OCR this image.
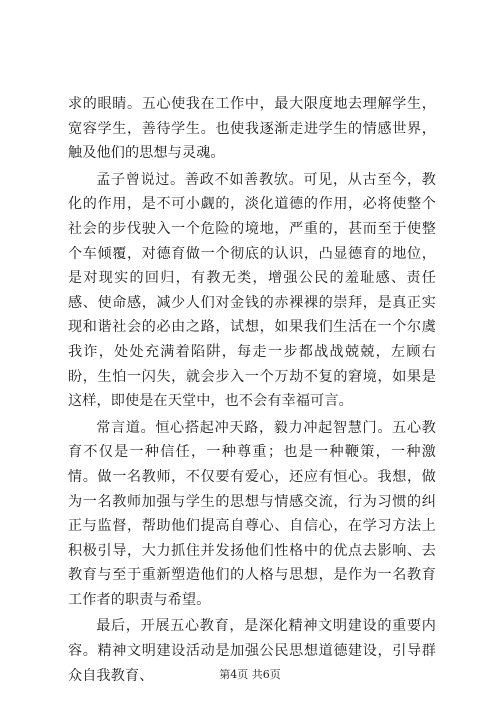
求的眼睛。五心使我在工作中，最大限度地去理解学生，宽容学生，善待学生。也使我逐渐走进学生的情感世界，触及他们的思想与灵魂。

孟子曾说过。善政不如善教欤。可见，从古至今，教化的作用，是不可小觑的，淡化道德的作用，必将使整个社会的步伐驶入一个危险的境地，严重的，甚而至于使整个车倾覆，对德育做一个彻底的认识，凸显德育的地位，是对现实的回归，有教无类，增强公民的羞耻感、责任感、使命感，减少人们对金钱的赤裸裸的崇拜，是真正实现和谐社会的必由之路，试想，如果我们生活在一个尔虞我诈，处处充满着陷阱，每走一步都战战兢兢，左顾右盼，生怕一闪失，就会步入一个万劫不复的窘境，如果是这样，即使是在天堂中，也不会有幸福可言。

常言道。恒心搭起冲天路，毅力冲起智慧门。五心教育不仅是一种信任，一种尊重；也是一种鞭策，一种激情。做一名教师，不仅要有爱心，还应有恒心。我想，做为一名教师加强与学生的思想与情感交流，行为习惯的纠正与监督，帮助他们提高自尊心、自信心，在学习方法上积极引导，大力抓住并发扬他们性格中的优点去影响、去教育与至于重新塑造他们的人格与思想，是作为一名教育工作者的职责与希望。

最后，开展五心教育，是深化精神文明建设的重要内容。精神文明建设活动是加强公民思想道德建设，引导群众自我教育、	第4页 共6页
